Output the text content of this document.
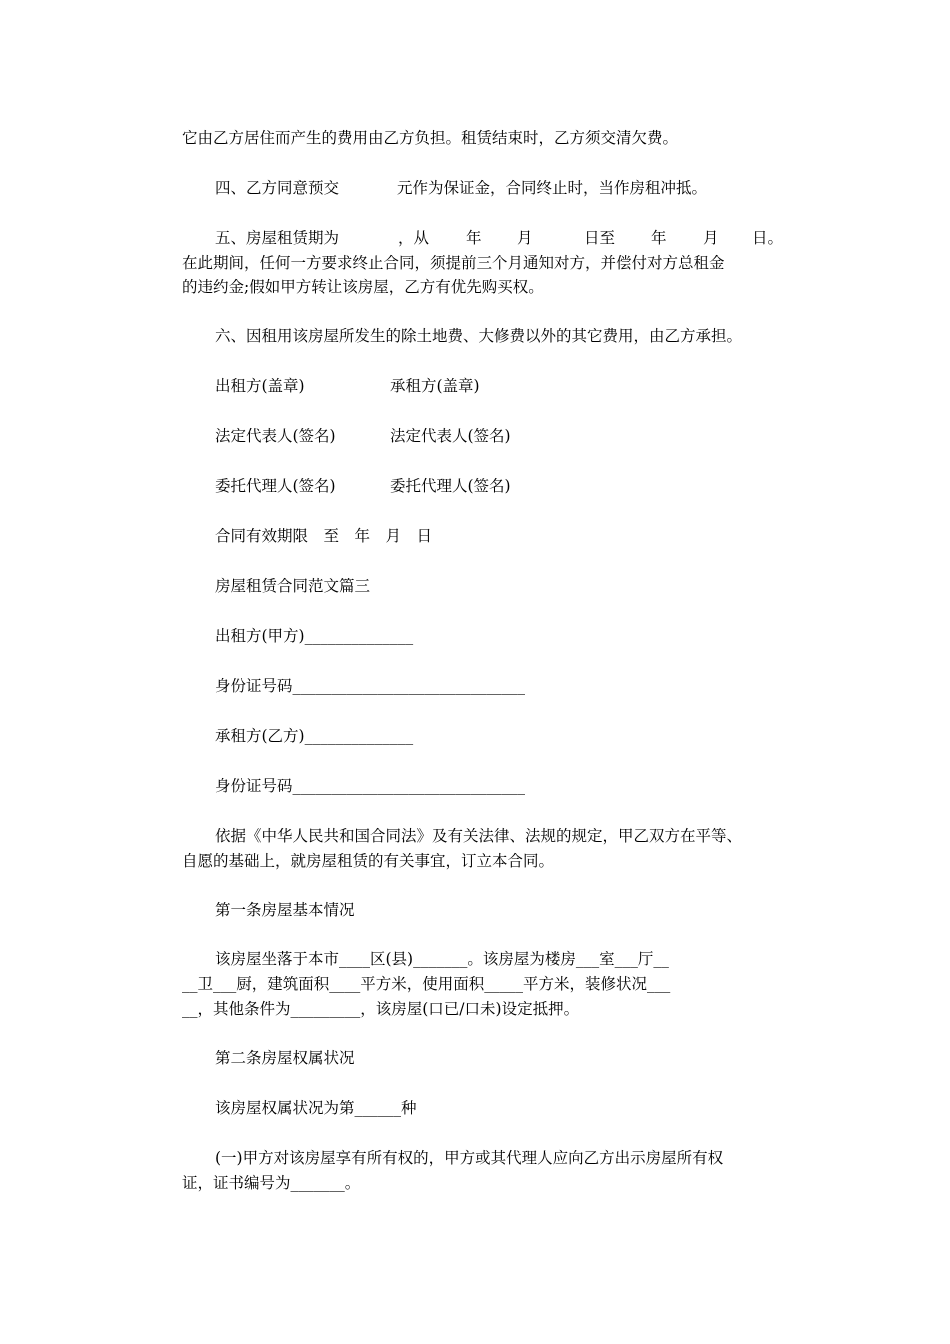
它由乙方居住而产生的费用由乙方负担。租赁结束时，乙方须交清欠费。
四、乙方同意预交	元作为保证金，合同终止时，当作房租冲抵。
五、房屋租赁期为	，从 年 月	日至 年 月 日。
在此期间，任何一方要求终止合同，须提前三个月通知对方，并偿付对方总租金
的违约金;假如甲方转让该房屋，乙方有优先购买权。
六、因租用该房屋所发生的除土地费、大修费以外的其它费用，由乙方承担。
出租方(盖章)	承租方(盖章)
法定代表人(签名)	法定代表人(签名)
委托代理人(签名)	委托代理人(签名)
合同有效期限　至　年　月　日
房屋租赁合同范文篇三
出租方(甲方)______________
身份证号码______________________________
承租方(乙方)______________
身份证号码______________________________
依据《中华人民共和国合同法》及有关法律、法规的规定，甲乙双方在平等、
自愿的基础上，就房屋租赁的有关事宜，订立本合同。
第一条房屋基本情况
该房屋坐落于本市____区(县)_______。该房屋为楼房___室___厅__
__卫___厨，建筑面积____平方米，使用面积_____平方米，装修状况___
__，其他条件为_________，该房屋(口已/口未)设定抵押。
第二条房屋权属状况
该房屋权属状况为第______种
(一)甲方对该房屋享有所有权的，甲方或其代理人应向乙方出示房屋所有权
证，证书编号为_______。
